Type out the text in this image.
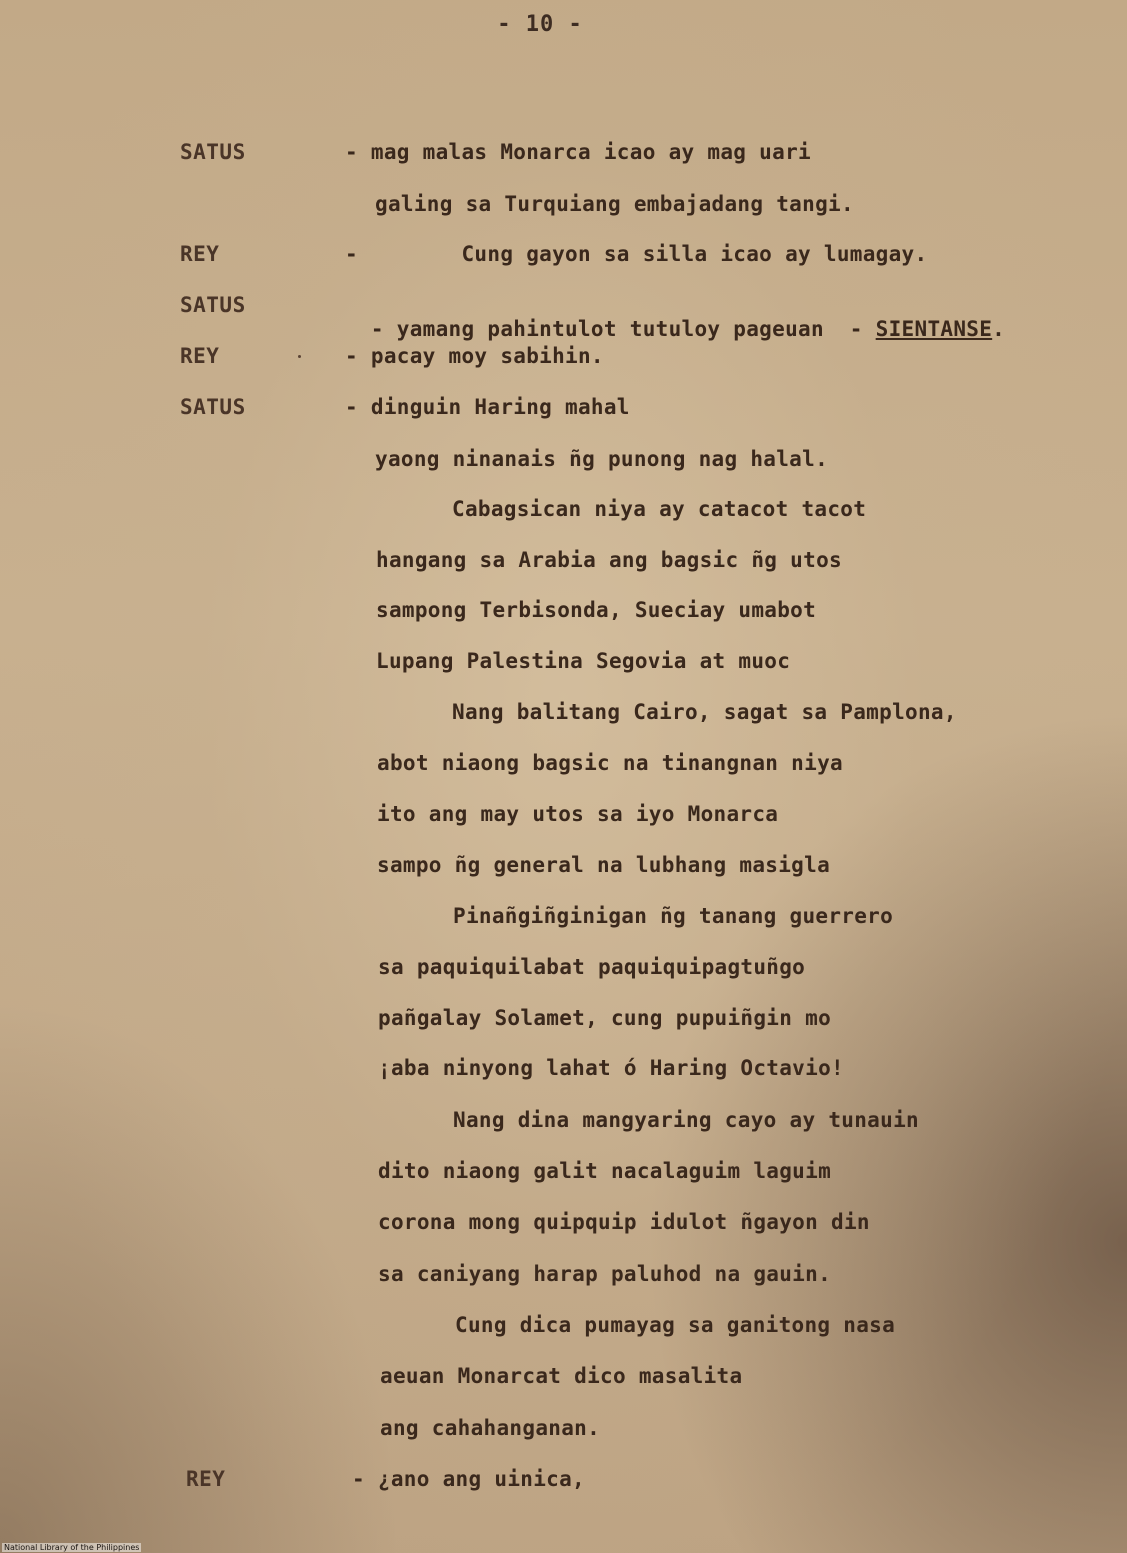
- 10 -
SATUS
REY
SATUS
REY
SATUS
REY
- mag malas Monarca icao ay mag uari
galing sa Turquiang embajadang tangi.
-        Cung gayon sa silla icao ay lumagay.

- yamang pahintulot tutuloy pageuan  - SIENTANSE.

- pacay moy sabihin.
- dinguin Haring mahal
yaong ninanais ñg punong nag halal.
Cabagsican niya ay catacot tacot
hangang sa Arabia ang bagsic ñg utos
sampong Terbisonda, Sueciay umabot
Lupang Palestina Segovia at muoc
Nang balitang Cairo, sagat sa Pamplona,
abot niaong bagsic na tinangnan niya
ito ang may utos sa iyo Monarca
sampo ñg general na lubhang masigla
Pinañgiñginigan ñg tanang guerrero
sa paquiquilabat paquiquipagtuñgo
pañgalay Solamet, cung pupuiñgin mo
¡aba ninyong lahat ó Haring Octavio!
Nang dina mangyaring cayo ay tunauin
dito niaong galit nacalaguim laguim
corona mong quipquip idulot ñgayon din
sa caniyang harap paluhod na gauin.
Cung dica pumayag sa ganitong nasa
aeuan Monarcat dico masalita
ang cahahanganan.
- ¿ano ang uinica,
National Library of the Philippines
